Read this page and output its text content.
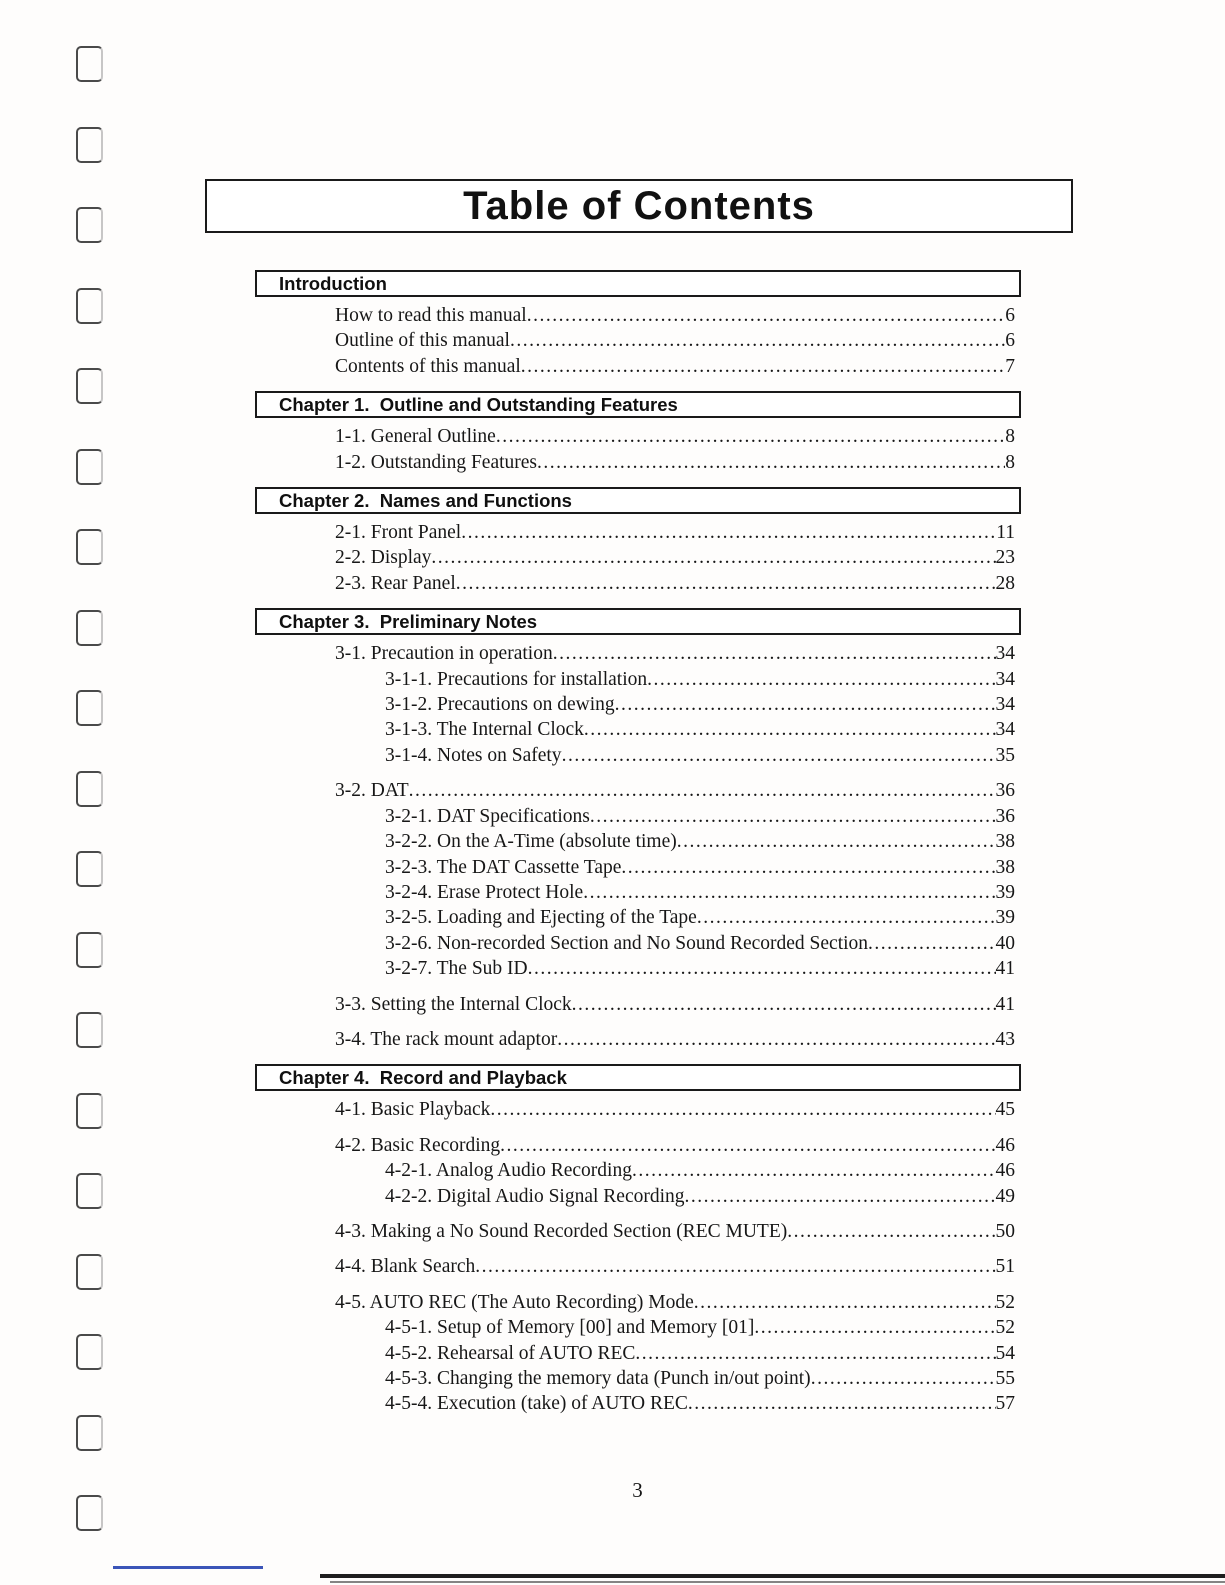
Table of Contents
Introduction
How to read this manual .....	6
Outline of this manual .....	6
Contents of this manual .....	7
Chapter 1.  Outline and Outstanding Features
1-1. General Outline .....	8
1-2. Outstanding Features .....	8
Chapter 2.  Names and Functions
2-1. Front Panel .....	11
2-2. Display .....	23
2-3. Rear Panel .....	28
Chapter 3.  Preliminary Notes
3-1. Precaution in operation .....	34
3-1-1. Precautions for installation .....	34
3-1-2. Precautions on dewing .....	34
3-1-3. The Internal Clock .....	34
3-1-4. Notes on Safety .....	35
3-2. DAT .....	36
3-2-1. DAT Specifications .....	36
3-2-2. On the A-Time (absolute time) .....	38
3-2-3. The DAT Cassette Tape .....	38
3-2-4. Erase Protect Hole .....	39
3-2-5. Loading and Ejecting of the Tape .....	39
3-2-6. Non-recorded Section and No Sound Recorded Section .....	40
3-2-7. The Sub ID .....	41
3-3. Setting the Internal Clock .....	41
3-4. The rack mount adaptor .....	43
Chapter 4.  Record and Playback
4-1. Basic Playback .....	45
4-2. Basic Recording .....	46
4-2-1. Analog Audio Recording .....	46
4-2-2. Digital Audio Signal Recording .....	49
4-3. Making a No Sound Recorded Section (REC MUTE) .....	50
4-4. Blank Search .....	51
4-5. AUTO REC (The Auto Recording) Mode .....	52
4-5-1. Setup of Memory [00] and Memory [01] .....	52
4-5-2. Rehearsal of AUTO REC .....	54
4-5-3. Changing the memory data (Punch in/out point) .....	55
4-5-4. Execution (take) of AUTO REC .....	57
3
